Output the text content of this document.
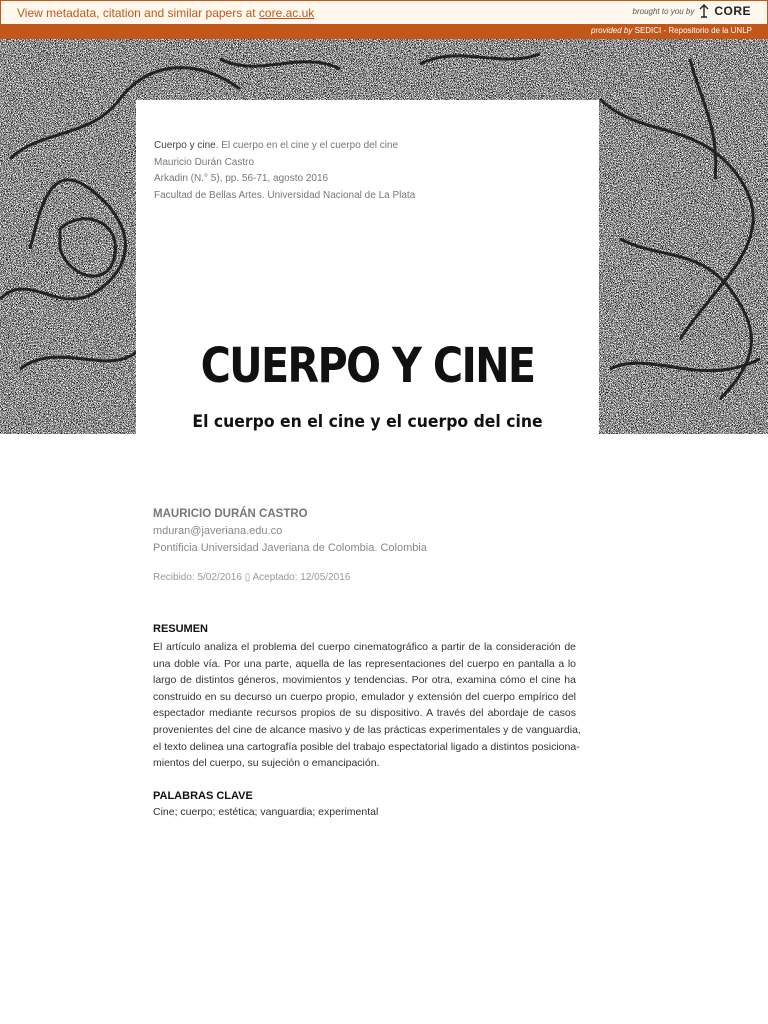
View metadata, citation and similar papers at core.ac.uk	brought to you by CORE
provided by SEDICI - Repositorio de la UNLP
Cuerpo y cine. El cuerpo en el cine y el cuerpo del cine
Mauricio Durán Castro
Arkadin (N.° 5), pp. 56-71, agosto 2016
Facultad de Bellas Artes. Universidad Nacional de La Plata
CUERPO Y CINE
El cuerpo en el cine y el cuerpo del cine
MAURICIO DURÁN CASTRO
mduran@javeriana.edu.co
Pontificia Universidad Javeriana de Colombia. Colombia
Recibido: 5/02/2016 ▯ Aceptado: 12/05/2016
RESUMEN
El artículo analiza el problema del cuerpo cinematográfico a partir de la consideración de
una doble vía. Por una parte, aquella de las representaciones del cuerpo en pantalla a lo
largo de distintos géneros, movimientos y tendencias. Por otra, examina cómo el cine ha
construido en su decurso un cuerpo propio, emulador y extensión del cuerpo empírico del
espectador mediante recursos propios de su dispositivo. A través del abordaje de casos
provenientes del cine de alcance masivo y de las prácticas experimentales y de vanguardia,
el texto delinea una cartografía posible del trabajo espectatorial ligado a distintos posiciona-
mientos del cuerpo, su sujeción o emancipación.
PALABRAS CLAVE
Cine; cuerpo; estética; vanguardia; experimental
